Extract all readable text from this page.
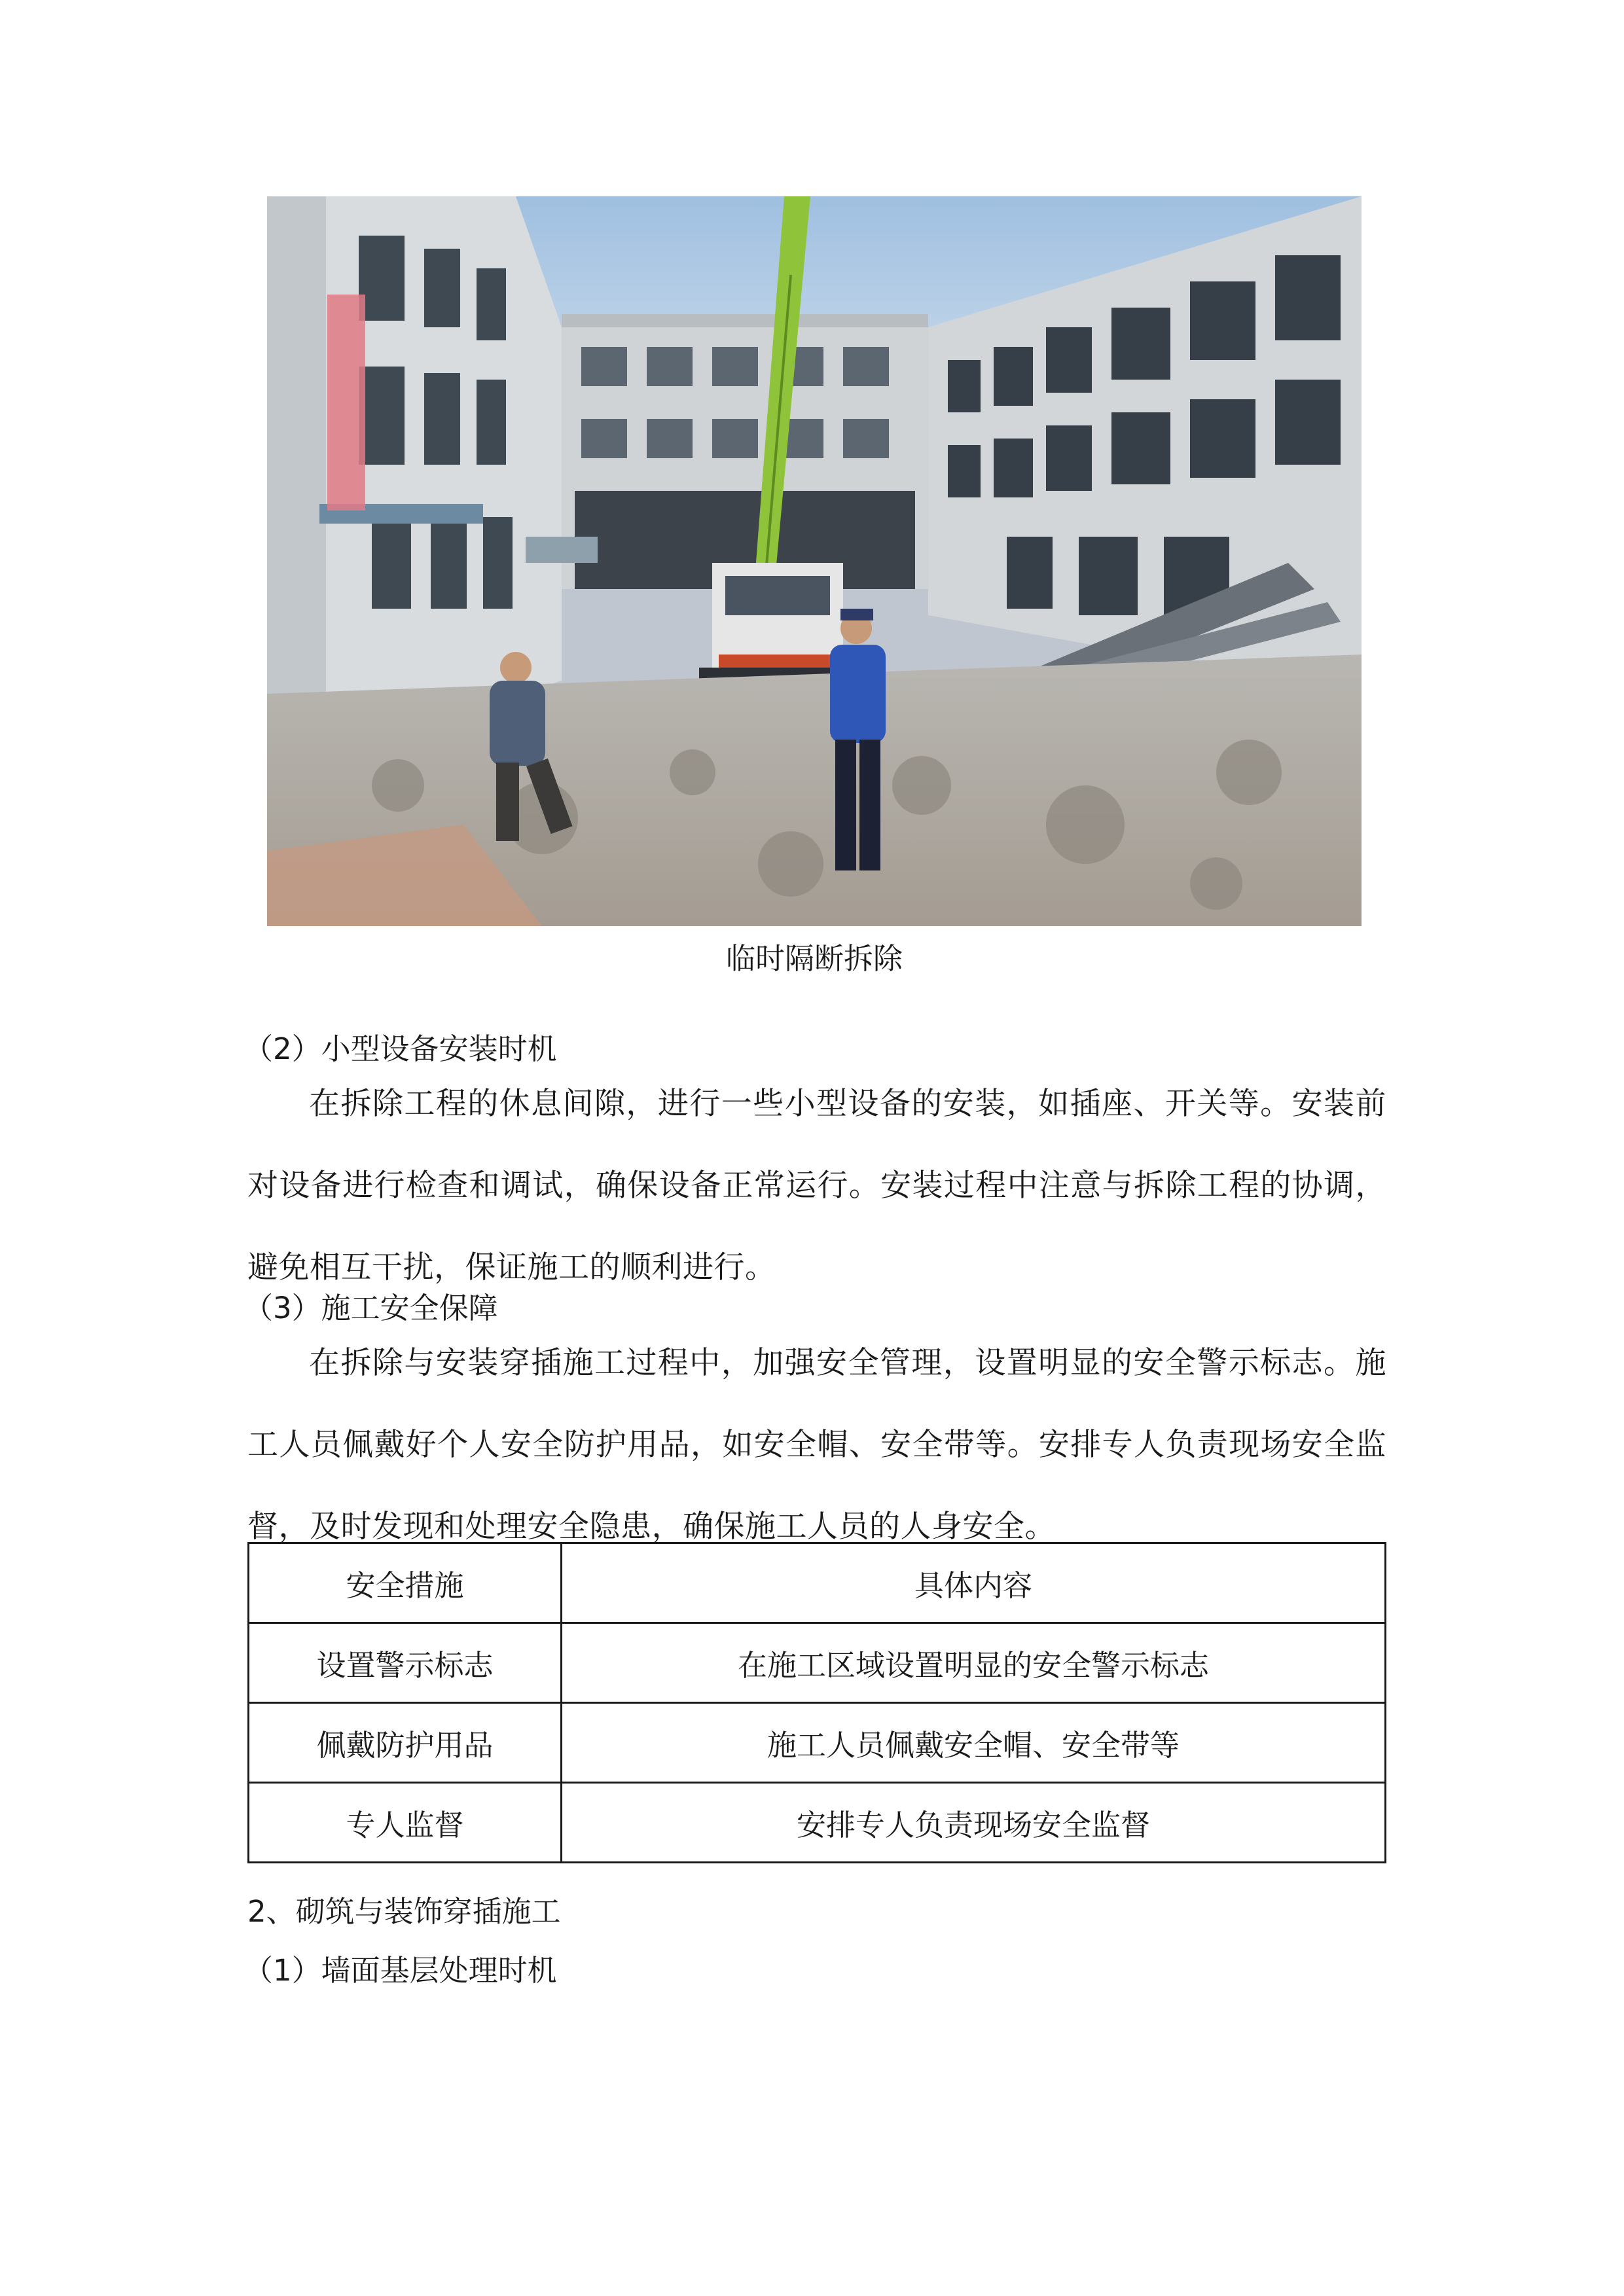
临时隔断拆除
（2）小型设备安装时机

在拆除工程的休息间隙，进行一些小型设备的安装，如插座、开关等。安装前对设备进行检查和调试，确保设备正常运行。安装过程中注意与拆除工程的协调，避免相互干扰，保证施工的顺利进行。

（3）施工安全保障

在拆除与安装穿插施工过程中，加强安全管理，设置明显的安全警示标志。施工人员佩戴好个人安全防护用品，如安全帽、安全带等。安排专人负责现场安全监督，及时发现和处理安全隐患，确保施工人员的人身安全。

安全措施	具体内容
设置警示标志	在施工区域设置明显的安全警示标志
佩戴防护用品	施工人员佩戴安全帽、安全带等
专人监督	安排专人负责现场安全监督
2、砌筑与装饰穿插施工
（1）墙面基层处理时机
